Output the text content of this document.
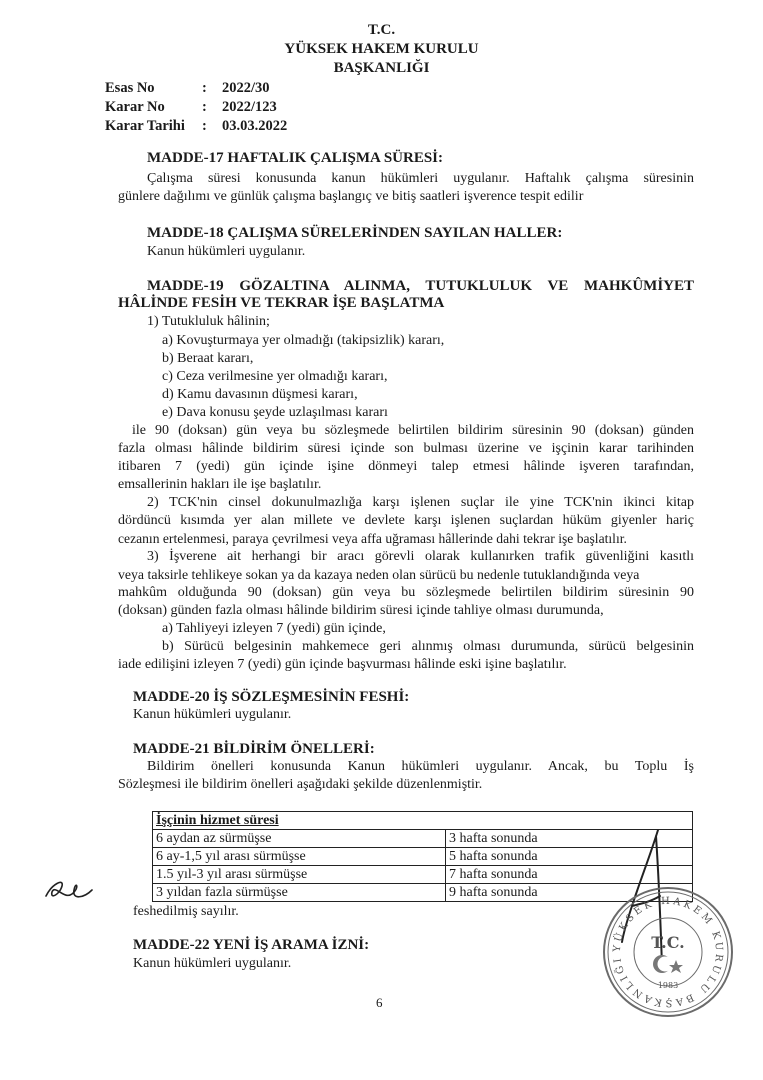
T.C.
YÜKSEK HAKEM KURULU
BAŞKANLIĞI
Esas No	: 2022/30
Karar No	: 2022/123
Karar Tarihi : 03.03.2022
MADDE-17 HAFTALIK ÇALIŞMA SÜRESİ:
Çalışma süresi konusunda kanun hükümleri uygulanır. Haftalık çalışma süresinin
günlere dağılımı ve günlük çalışma başlangıç ve bitiş saatleri işverence tespit edilir
MADDE-18 ÇALIŞMA SÜRELERİNDEN SAYILAN HALLER:
Kanun hükümleri uygulanır.
MADDE-19 GÖZALTINA ALINMA, TUTUKLULUK VE MAHKÛMİYET
HÂLİNDE FESİH VE TEKRAR İŞE BAŞLATMA
1) Tutukluluk hâlinin;
a) Kovuşturmaya yer olmadığı (takipsizlik) kararı,
b) Beraat kararı,
c) Ceza verilmesine yer olmadığı kararı,
d) Kamu davasının düşmesi kararı,
e) Dava konusu şeyde uzlaşılması kararı
ile 90 (doksan) gün veya bu sözleşmede belirtilen bildirim süresinin 90 (doksan) günden
fazla olması hâlinde bildirim süresi içinde son bulması üzerine ve işçinin karar tarihinden
itibaren 7 (yedi) gün içinde işine dönmeyi talep etmesi hâlinde işveren tarafından,
emsallerinin hakları ile işe başlatılır.
2) TCK'nin cinsel dokunulmazlığa karşı işlenen suçlar ile yine TCK'nin ikinci kitap
dördüncü kısımda yer alan millete ve devlete karşı işlenen suçlardan hüküm giyenler hariç
cezanın ertelenmesi, paraya çevrilmesi veya affa uğraması hâllerinde dahi tekrar işe başlatılır.
3) İşverene ait herhangi bir aracı görevli olarak kullanırken trafik güvenliğini kasıtlı
veya taksirle tehlikeye sokan ya da kazaya neden olan sürücü bu nedenle tutuklandığında veya
mahkûm olduğunda 90 (doksan) gün veya bu sözleşmede belirtilen bildirim süresinin 90
(doksan) günden fazla olması hâlinde bildirim süresi içinde tahliye olması durumunda,
a) Tahliyeyi izleyen 7 (yedi) gün içinde,
b) Sürücü belgesinin mahkemece geri alınmış olması durumunda, sürücü belgesinin
iade edilişini izleyen 7 (yedi) gün içinde başvurması hâlinde eski işine başlatılır.
MADDE-20 İŞ SÖZLEŞMESİNİN FESHİ:
Kanun hükümleri uygulanır.
MADDE-21 BİLDİRİM ÖNELLERİ:
Bildirim önelleri konusunda Kanun hükümleri uygulanır. Ancak, bu Toplu İş
Sözleşmesi ile bildirim önelleri aşağıdaki şekilde düzenlenmiştir.
İşçinin hizmet süresi	
6 aydan az sürmüşse	3 hafta sonunda
6 ay-1,5 yıl arası sürmüşse	5 hafta sonunda
1.5 yıl-3 yıl arası sürmüşse	7 hafta sonunda
3 yıldan fazla sürmüşse	9 hafta sonunda
feshedilmiş sayılır.
MADDE-22 YENİ İŞ ARAMA İZNİ:
Kanun hükümleri uygulanır.
6
YÜKSEK HAKEM KURULU BAŞKANLIĞI
T.C.
1983
